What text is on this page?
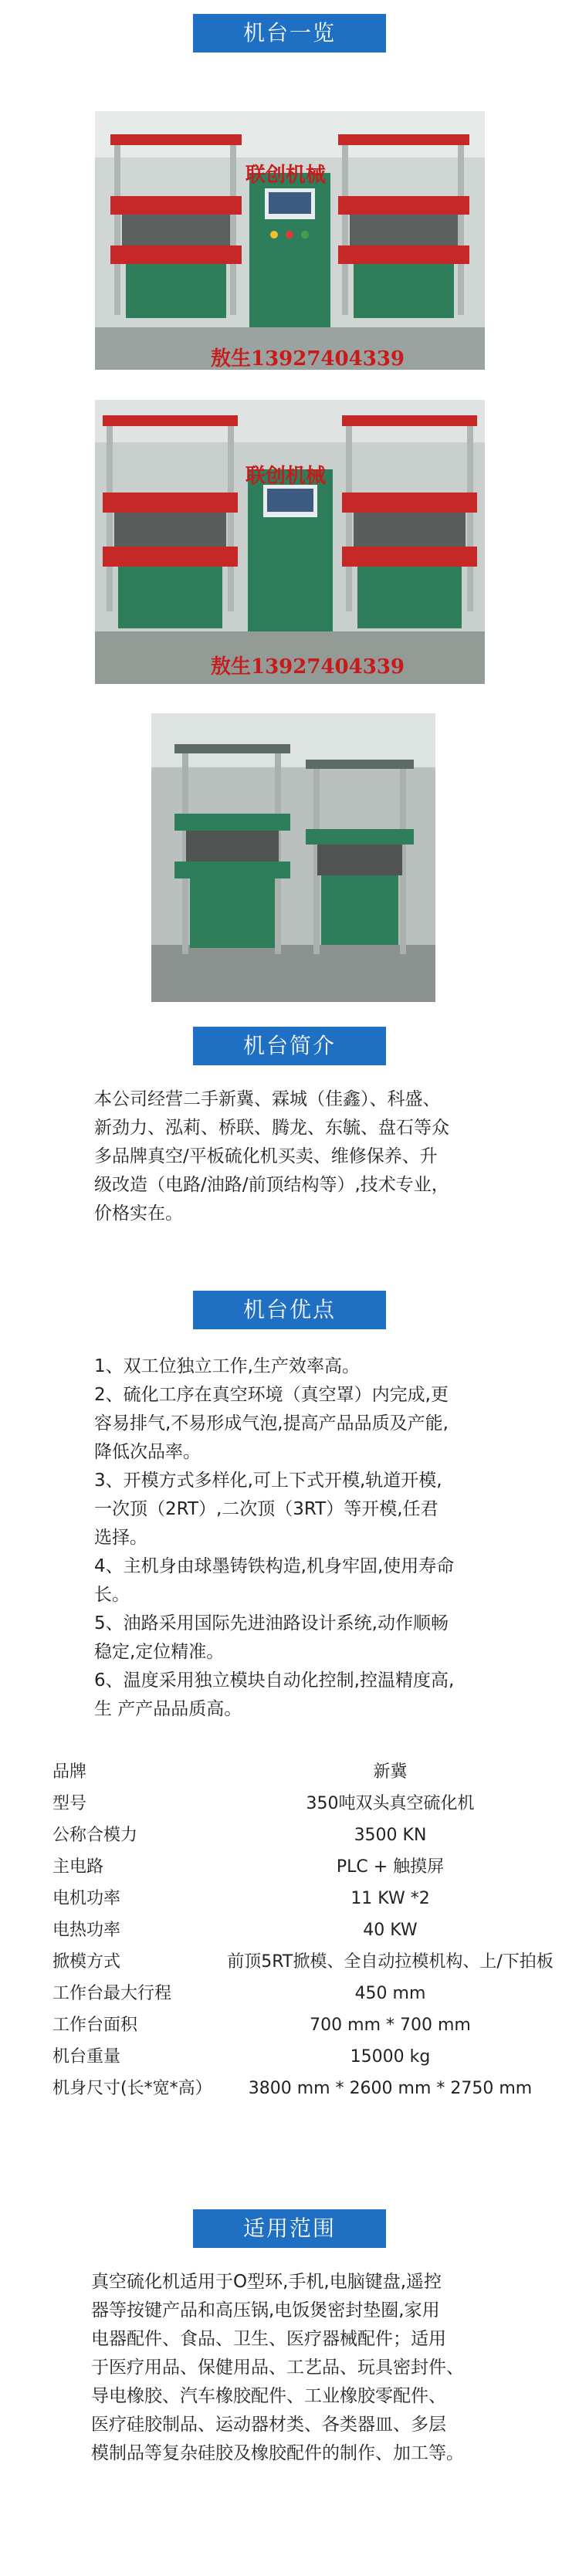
机台一览
联创机械
敖生13927404339
联创机械
敖生13927404339
机台简介
本公司经营二手新冀、霖城（佳鑫）、科盛、
新劲力、泓莉、桥联、腾龙、东毓、盘石等众
多品牌真空/平板硫化机买卖、维修保养、升
级改造（电路/油路/前顶结构等）,技术专业，
价格实在。
机台优点
1、双工位独立工作,生产效率高。
2、硫化工序在真空环境（真空罩）内完成,更
容易排气,不易形成气泡,提高产品品质及产能,
降低次品率。
3、开模方式多样化,可上下式开模,轨道开模,
一次顶（2RT）,二次顶（3RT）等开模,任君
选择。
4、主机身由球墨铸铁构造,机身牢固,使用寿命
长。
5、油路采用国际先进油路设计系统,动作顺畅
稳定,定位精准。
6、温度采用独立模块自动化控制,控温精度高,
生 产产品品质高。
品牌	新冀
型号	350吨双头真空硫化机
公称合模力	3500 KN
主电路	PLC + 触摸屏
电机功率	11 KW *2
电热功率	40 KW
掀模方式	前顶5RT掀模、全自动拉模机构、上/下拍板
工作台最大行程	450 mm
工作台面积	700 mm * 700 mm
机台重量	15000 kg
机身尺寸(长*宽*高）	3800 mm * 2600 mm * 2750 mm
适用范围
真空硫化机适用于O型环,手机,电脑键盘,遥控
器等按键产品和高压锅,电饭煲密封垫圈,家用
电器配件、食品、卫生、医疗器械配件；适用
于医疗用品、保健用品、工艺品、玩具密封件、
导电橡胶、汽车橡胶配件、工业橡胶零配件、
医疗硅胶制品、运动器材类、各类器皿、多层
模制品等复杂硅胶及橡胶配件的制作、加工等。
